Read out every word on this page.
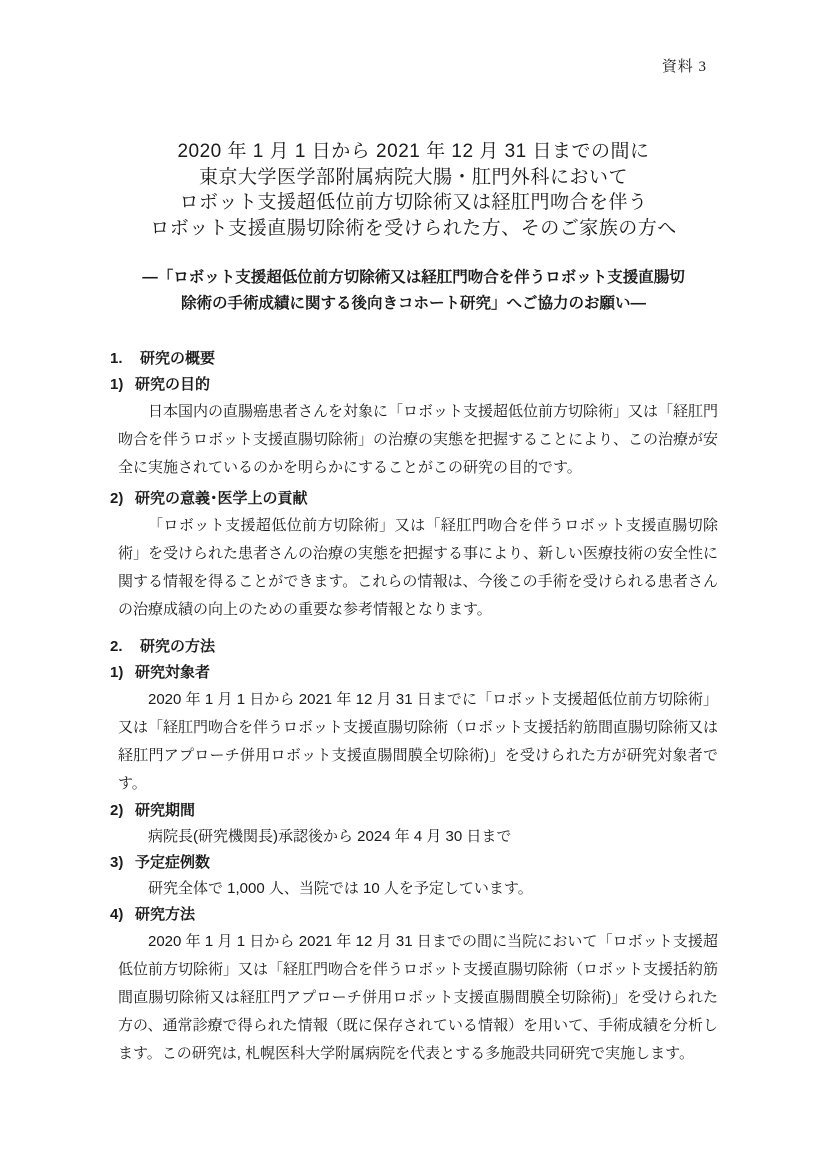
資料 3
2020 年 1 月 1 日から 2021 年 12 月 31 日までの間に
東京大学医学部附属病院大腸・肛門外科において
ロボット支援超低位前方切除術又は経肛門吻合を伴う
ロボット支援直腸切除術を受けられた方、そのご家族の方へ
―「ロボット支援超低位前方切除術又は経肛門吻合を伴うロボット支援直腸切
除術の手術成績に関する後向きコホート研究」へご協力のお願い―
1.	研究の概要
1) 研究の目的

日本国内の直腸癌患者さんを対象に「ロボット支援超低位前方切除術」又は「経肛門吻合を伴うロボット支援直腸切除術」の治療の実態を把握することにより、この治療が安全に実施されているのかを明らかにすることがこの研究の目的です。

2) 研究の意義･医学上の貢献

「ロボット支援超低位前方切除術」又は「経肛門吻合を伴うロボット支援直腸切除術」を受けられた患者さんの治療の実態を把握する事により、新しい医療技術の安全性に関する情報を得ることができます。これらの情報は、今後この手術を受けられる患者さんの治療成績の向上のための重要な参考情報となります。

2.	研究の方法
1) 研究対象者

2020 年 1 月 1 日から 2021 年 12 月 31 日までに「ロボット支援超低位前方切除術」又は「経肛門吻合を伴うロボット支援直腸切除術（ロボット支援括約筋間直腸切除術又は経肛門アプローチ併用ロボット支援直腸間膜全切除術)」を受けられた方が研究対象者です。

2) 研究期間

病院長(研究機関長)承認後から 2024 年 4 月 30 日まで

3) 予定症例数

研究全体で 1,000 人、当院では 10 人を予定しています。

4) 研究方法

2020 年 1 月 1 日から 2021 年 12 月 31 日までの間に当院において「ロボット支援超低位前方切除術」又は「経肛門吻合を伴うロボット支援直腸切除術（ロボット支援括約筋間直腸切除術又は経肛門アプローチ併用ロボット支援直腸間膜全切除術)」を受けられた方の、通常診療で得られた情報（既に保存されている情報）を用いて、手術成績を分析します。この研究は, 札幌医科大学附属病院を代表とする多施設共同研究で実施します。
